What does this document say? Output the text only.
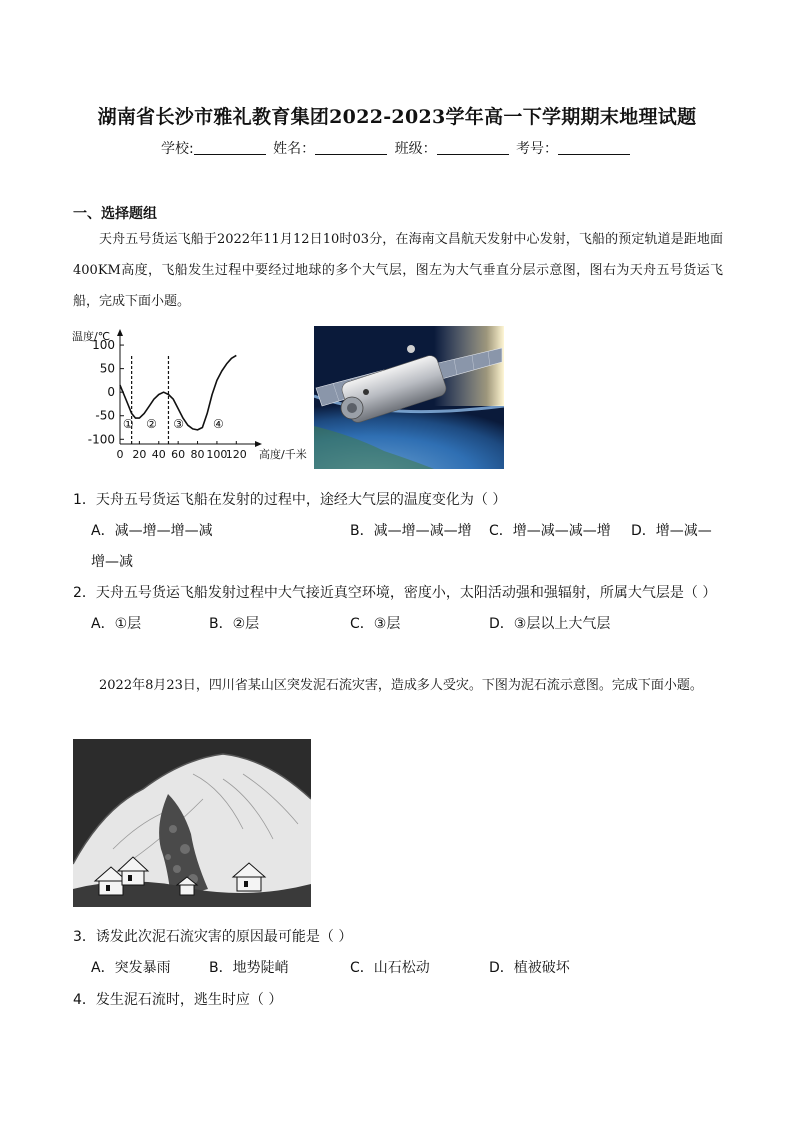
湖南省长沙市雅礼教育集团2022-2023学年高一下学期期末地理试题
学校:	姓名：	班级：	考号：
一、选择题组
天舟五号货运飞船于2022年11月12日10时03分，在海南文昌航天发射中心发射，飞船的预定轨道是距地面400KM高度，飞船发生过程中要经过地球的多个大气层，图左为大气垂直分层示意图，图右为天舟五号货运飞船，完成下面小题。
100
50
0
-50
-100
0 20 40 60 80 100
120
温度/℃
高度/千米
① ② ③ ④
1．天舟五号货运飞船在发射的过程中，途经大气层的温度变化为（ ）
A．减—增—增—减	B．减—增—减—增 C．增—减—减—增 D．增—减—
增—减
2．天舟五号货运飞船发射过程中大气接近真空环境，密度小，太阳活动强和强辐射，所属大气层是（ ）
A．①层	B．②层	C．③层	D．③层以上大气层
2022年8月23日，四川省某山区突发泥石流灾害，造成多人受灾。下图为泥石流示意图。完成下面小题。
3．诱发此次泥石流灾害的原因最可能是（ ）
A．突发暴雨	B．地势陡峭	C．山石松动	D．植被破坏
4．发生泥石流时，逃生时应（ ）
